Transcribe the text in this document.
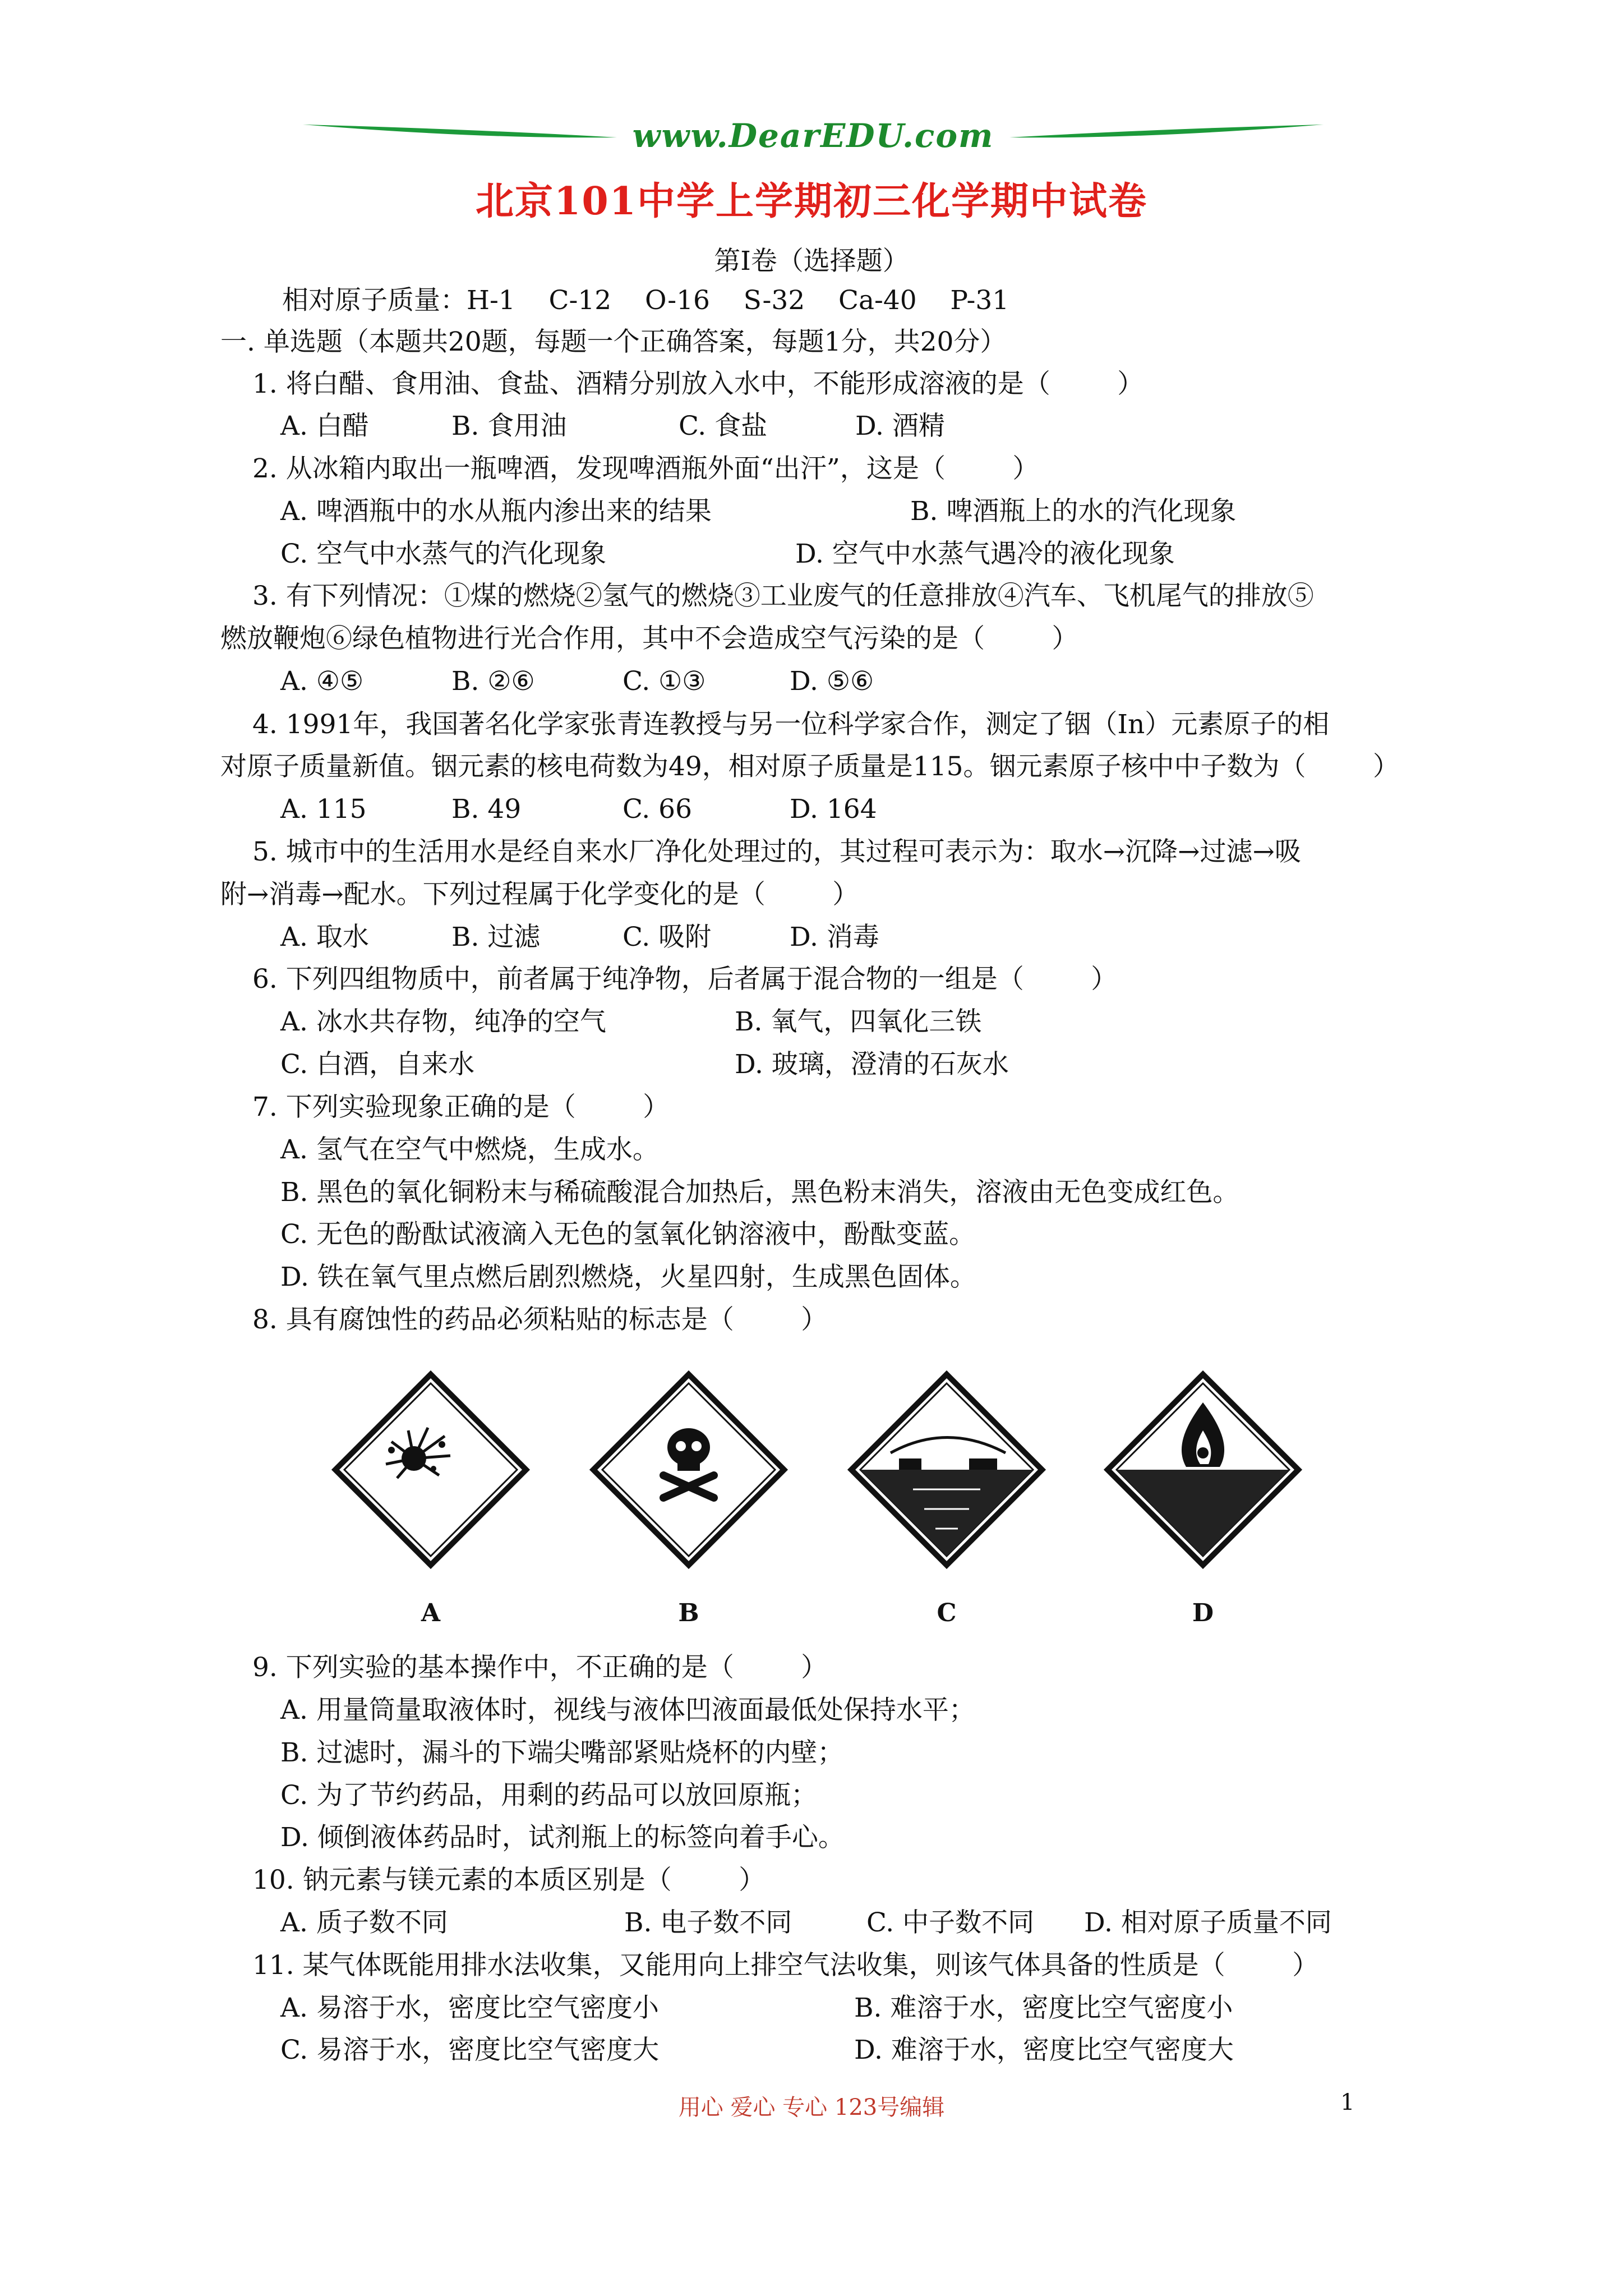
www.DearEDU.com
北京101中学上学期初三化学期中试卷
第I卷（选择题）
相对原子质量：H-1    C-12    O-16    S-32    Ca-40    P-31
一. 单选题（本题共20题，每题一个正确答案，每题1分，共20分）
1. 将白醋、食用油、食盐、酒精分别放入水中，不能形成溶液的是（        ）
A. 白醋	B. 食用油	C. 食盐	D. 酒精
2. 从冰箱内取出一瓶啤酒，发现啤酒瓶外面“出汗”，这是（        ）
A. 啤酒瓶中的水从瓶内渗出来的结果	B. 啤酒瓶上的水的汽化现象
C. 空气中水蒸气的汽化现象	D. 空气中水蒸气遇冷的液化现象
3. 有下列情况：①煤的燃烧②氢气的燃烧③工业废气的任意排放④汽车、飞机尾气的排放⑤
燃放鞭炮⑥绿色植物进行光合作用，其中不会造成空气污染的是（        ）
A. ④⑤	B. ②⑥	C. ①③	D. ⑤⑥
4. 1991年，我国著名化学家张青连教授与另一位科学家合作，测定了铟（In）元素原子的相
对原子质量新值。铟元素的核电荷数为49，相对原子质量是115。铟元素原子核中中子数为（        ）
A. 115	B. 49	C. 66	D. 164
5. 城市中的生活用水是经自来水厂净化处理过的，其过程可表示为：取水→沉降→过滤→吸
附→消毒→配水。下列过程属于化学变化的是（        ）
A. 取水	B. 过滤	C. 吸附	D. 消毒
6. 下列四组物质中，前者属于纯净物，后者属于混合物的一组是（        ）
A. 冰水共存物，纯净的空气	B. 氧气，四氧化三铁
C. 白酒，自来水	D. 玻璃，澄清的石灰水
7. 下列实验现象正确的是（        ）
A. 氢气在空气中燃烧，生成水。
B. 黑色的氧化铜粉末与稀硫酸混合加热后，黑色粉末消失，溶液由无色变成红色。
C. 无色的酚酞试液滴入无色的氢氧化钠溶液中，酚酞变蓝。
D. 铁在氧气里点燃后剧烈燃烧，火星四射，生成黑色固体。
8. 具有腐蚀性的药品必须粘贴的标志是（        ）
A	B	C	D
9. 下列实验的基本操作中，不正确的是（        ）
A. 用量筒量取液体时，视线与液体凹液面最低处保持水平；
B. 过滤时，漏斗的下端尖嘴部紧贴烧杯的内壁；
C. 为了节约药品，用剩的药品可以放回原瓶；
D. 倾倒液体药品时，试剂瓶上的标签向着手心。
10. 钠元素与镁元素的本质区别是（        ）
A. 质子数不同	B. 电子数不同	C. 中子数不同 D. 相对原子质量不同
11. 某气体既能用排水法收集，又能用向上排空气法收集，则该气体具备的性质是（        ）
A. 易溶于水，密度比空气密度小	B. 难溶于水，密度比空气密度小
C. 易溶于水，密度比空气密度大	D. 难溶于水，密度比空气密度大
用心 爱心 专心 123号编辑	1
